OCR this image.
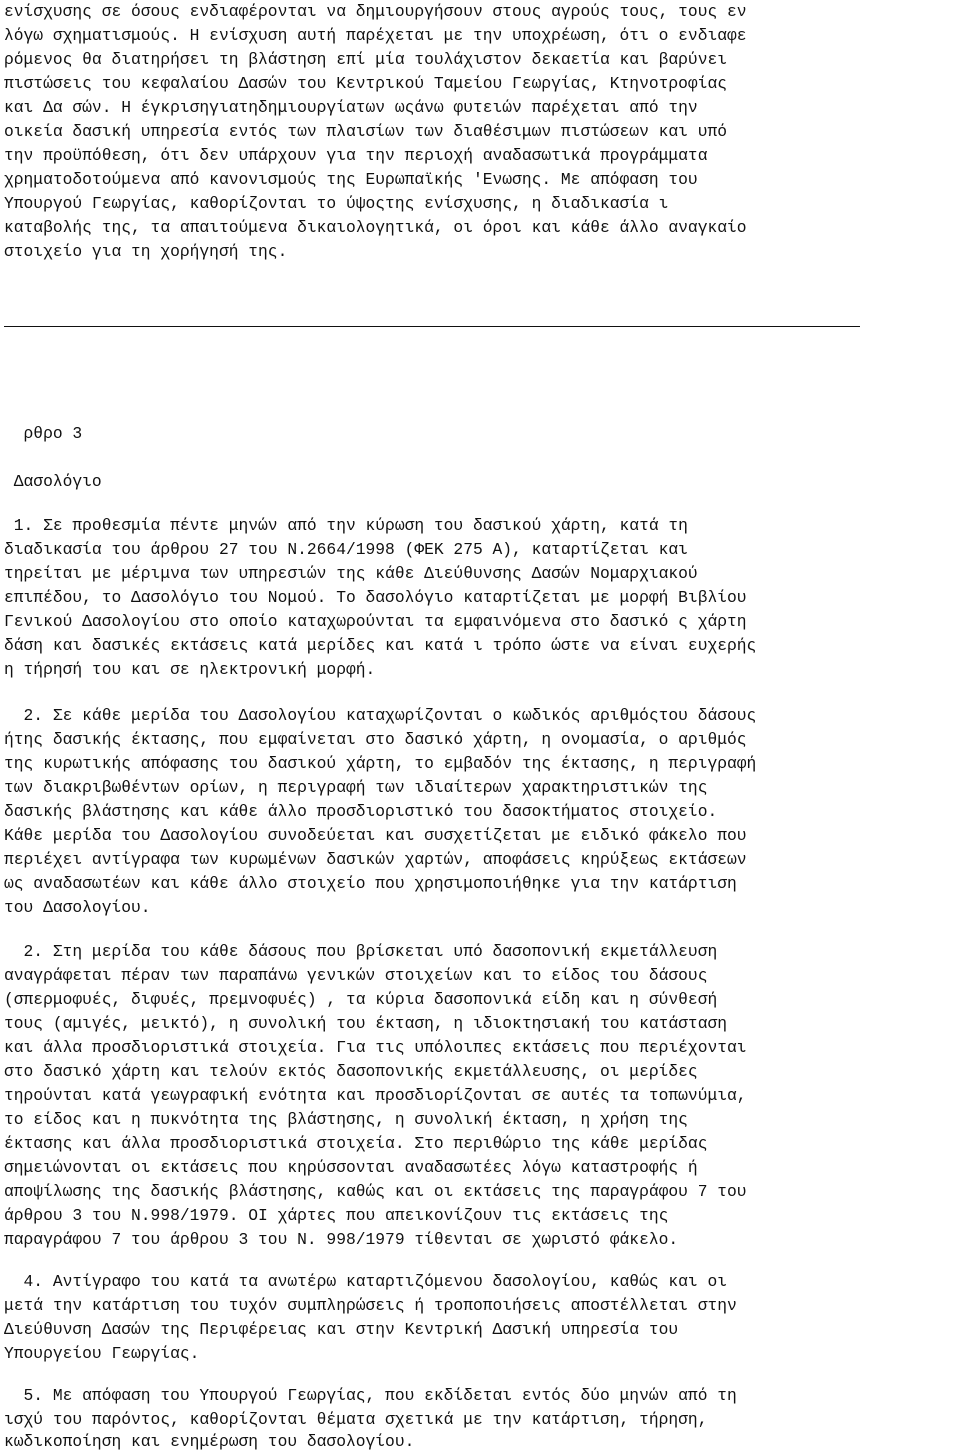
ενίσχυσης σε όσους ενδιαφέρονται να δημιουργήσουν στους αγρούς τους, τους εν
λόγω σχηματισμούς. Η ενίσχυση αυτή παρέχεται με την υποχρέωση, ότι ο ενδιαφε
ρόμενος θα διατηρήσει τη βλάστηση επί μία τουλάχιστον δεκαετία και βαρύνει
πιστώσεις του κεφαλαίου Δασών του Κεντρικού Ταμείου Γεωργίας, Κτηνοτροφίας
και Δα σών. Η έγκρισηγιατηδημιουργίατων ωςάνω φυτειών παρέχεται από την
οικεία δασική υπηρεσία εντός των πλαισίων των διαθέσιμων πιστώσεων και υπό
την προϋπόθεση, ότι δεν υπάρχουν για την περιοχή αναδασωτικά προγράμματα
χρηματοδοτούμενα από κανονισμούς της Ευρωπαϊκής 'Ενωσης. Με απόφαση του
Υπουργού Γεωργίας, καθορίζονται το ύψοςτης ενίσχυσης, η διαδικασία ι
καταβολής της, τα απαιτούμενα δικαιολογητικά, οι όροι και κάθε άλλο αναγκαίο
στοιχείο για τη χορήγησή της.
ρθρο 3
Δασολόγιο
1. Σε προθεσμία πέντε μηνών από την κύρωση του δασικού χάρτη, κατά τη
διαδικασία του άρθρου 27 του Ν.2664/1998 (ΦΕΚ 275 Α), καταρτίζεται και
τηρείται με μέριμνα των υπηρεσιών της κάθε Διεύθυνσης Δασών Νομαρχιακού
επιπέδου, το Δασολόγιο του Νομού. Το δασολόγιο καταρτίζεται με μορφή Βιβλίου
Γενικού Δασολογίου στο οποίο καταχωρούνται τα εμφαινόμενα στο δασικό ς χάρτη
δάση και δασικές εκτάσεις κατά μερίδες και κατά ι τρόπο ώστε να είναι ευχερής
η τήρησή του και σε ηλεκτρονική μορφή.
2. Σε κάθε μερίδα του Δασολογίου καταχωρίζονται ο κωδικός αριθμόςτου δάσους
ήτης δασικής έκτασης, που εμφαίνεται στο δασικό χάρτη, η ονομασία, ο αριθμός
της κυρωτικής απόφασης του δασικού χάρτη, το εμβαδόν της έκτασης, η περιγραφή
των διακριβωθέντων ορίων, η περιγραφή των ιδιαίτερων χαρακτηριστικών της
δασικής βλάστησης και κάθε άλλο προσδιοριστικό του δασοκτήματος στοιχείο.
Κάθε μερίδα του Δασολογίου συνοδεύεται και συσχετίζεται με ειδικό φάκελο που
περιέχει αντίγραφα των κυρωμένων δασικών χαρτών, αποφάσεις κηρύξεως εκτάσεων
ως αναδασωτέων και κάθε άλλο στοιχείο που χρησιμοποιήθηκε για την κατάρτιση
του Δασολογίου.
2. Στη μερίδα του κάθε δάσους που βρίσκεται υπό δασοπονική εκμετάλλευση
αναγράφεται πέραν των παραπάνω γενικών στοιχείων και το είδος του δάσους
(σπερμοφυές, διφυές, πρεμνοφυές) , τα κύρια δασοπονικά είδη και η σύνθεσή
τους (αμιγές, μεικτό), η συνολική του έκταση, η ιδιοκτησιακή του κατάσταση
και άλλα προσδιοριστικά στοιχεία. Για τις υπόλοιπες εκτάσεις που περιέχονται
στο δασικό χάρτη και τελούν εκτός δασοπονικής εκμετάλλευσης, οι μερίδες
τηρούνται κατά γεωγραφική ενότητα και προσδιορίζονται σε αυτές τα τοπωνύμια,
το είδος και η πυκνότητα της βλάστησης, η συνολική έκταση, η χρήση της
έκτασης και άλλα προσδιοριστικά στοιχεία. Στο περιθώριο της κάθε μερίδας
σημειώνονται οι εκτάσεις που κηρύσσονται αναδασωτέες λόγω καταστροφής ή
αποψίλωσης της δασικής βλάστησης, καθώς και οι εκτάσεις της παραγράφου 7 του
άρθρου 3 του Ν.998/1979. ΟΙ χάρτες που απεικονίζουν τις εκτάσεις της
παραγράφου 7 του άρθρου 3 του Ν. 998/1979 τίθενται σε χωριστό φάκελο.
4. Αντίγραφο του κατά τα ανωτέρω καταρτιζόμενου δασολογίου, καθώς και οι
μετά την κατάρτιση του τυχόν συμπληρώσεις ή τροποποιήσεις αποστέλλεται στην
Διεύθυνση Δασών της Περιφέρειας και στην Κεντρική Δασική υπηρεσία του
Υπουργείου Γεωργίας.
5. Με απόφαση του Υπουργού Γεωργίας, που εκδίδεται εντός δύο μηνών από τη
ισχύ του παρόντος, καθορίζονται θέματα σχετικά με την κατάρτιση, τήρηση,
κωδικοποίηση και ενημέρωση του δασολογίου.
